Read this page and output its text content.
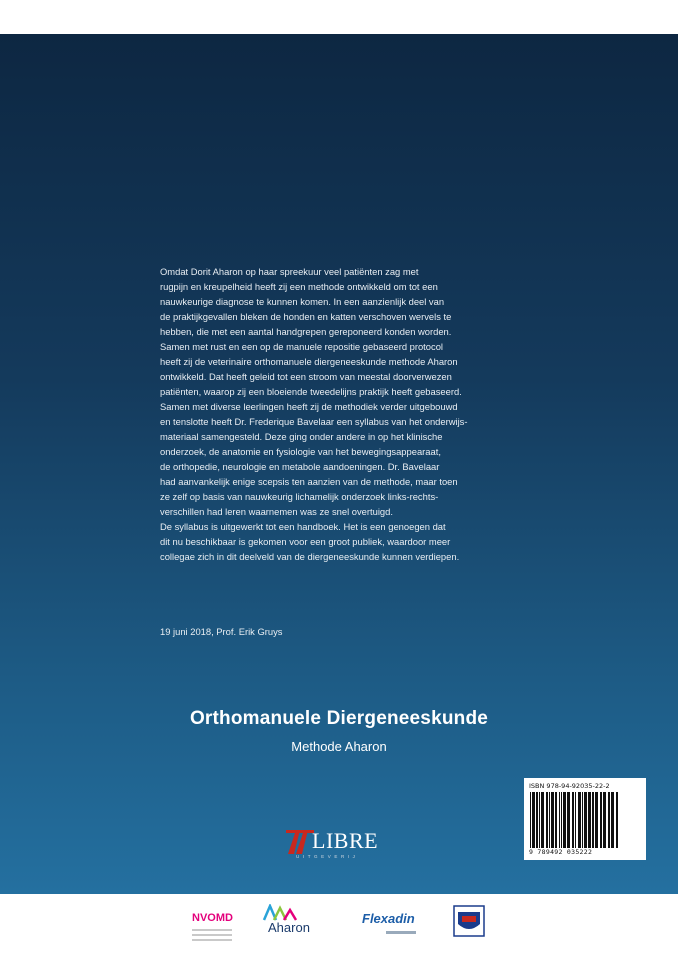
Omdat Dorit Aharon op haar spreekuur veel patiënten zag met
rugpijn en kreupelheid heeft zij een methode ontwikkeld om tot een
nauwkeurige diagnose te kunnen komen. In een aanzienlijk deel van
de praktijkgevallen bleken de honden en katten verschoven wervels te
hebben, die met een aantal handgrepen gereponeerd konden worden.
Samen met rust en een op de manuele repositie gebaseerd protocol
heeft zij de veterinaire orthomanuele diergeneeskunde methode Aharon
ontwikkeld. Dat heeft geleid tot een stroom van meestal doorverwezen
patiënten, waarop zij een bloeiende tweedelijns praktijk heeft gebaseerd.
Samen met diverse leerlingen heeft zij de methodiek verder uitgebouwd
en tenslotte heeft Dr. Frederique Bavelaar een syllabus van het onderwijs-
materiaal samengesteld. Deze ging onder andere in op het klinische
onderzoek, de anatomie en fysiologie van het bewegingsappearaat,
de orthopedie, neurologie en metabole aandoeningen. Dr. Bavelaar
had aanvankelijk enige scepsis ten aanzien van de methode, maar toen
ze zelf op basis van nauwkeurig lichamelijk onderzoek links-rechts-
verschillen had leren waarnemen was ze snel overtuigd.
De syllabus is uitgewerkt tot een handboek. Het is een genoegen dat
dit nu beschikbaar is gekomen voor een groot publiek, waardoor meer
collegae zich in dit deelveld van de diergeneeskunde kunnen verdiepen.

19 juni 2018, Prof. Erik Gruys
Orthomanuele Diergeneeskunde
Methode Aharon
ISBN 978-94-92035-22-2
9 789492 035222
LIBRE
UITGEVERIJ
NVOMD
Aharon
Flexadin
